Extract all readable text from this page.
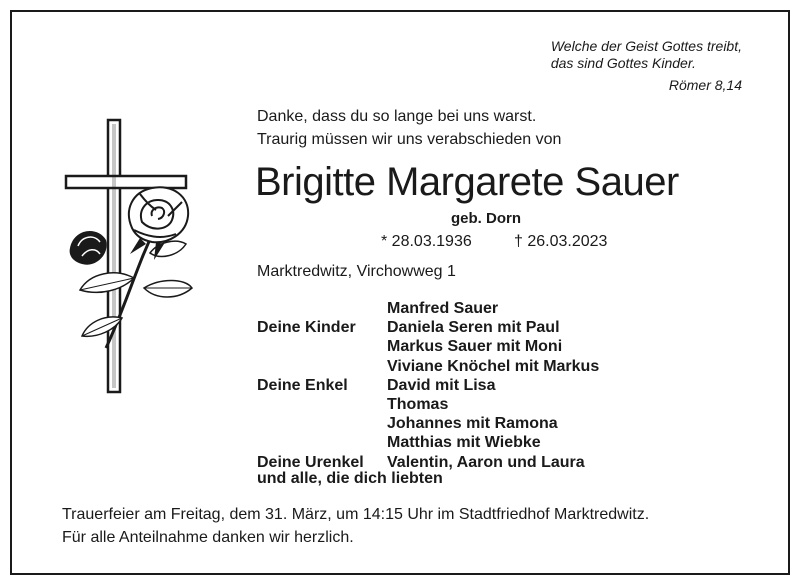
Welche der Geist Gottes treibt,
das sind Gottes Kinder.
Römer 8,14
Danke, dass du so lange bei uns warst.
Traurig müssen wir uns verabschieden von
Brigitte Margarete Sauer
geb. Dorn
* 28.03.1936	† 26.03.2023
Marktredwitz, Virchowweg 1
Manfred Sauer
Deine Kinder	Daniela Seren mit Paul
Markus Sauer mit Moni
Viviane Knöchel mit Markus
Deine Enkel	David mit Lisa
Thomas
Johannes mit Ramona
Matthias mit Wiebke
Deine Urenkel	Valentin, Aaron und Laura
und alle, die dich liebten
Trauerfeier am Freitag, dem 31. März, um 14:15 Uhr im Stadtfriedhof Marktredwitz.
Für alle Anteilnahme danken wir herzlich.
